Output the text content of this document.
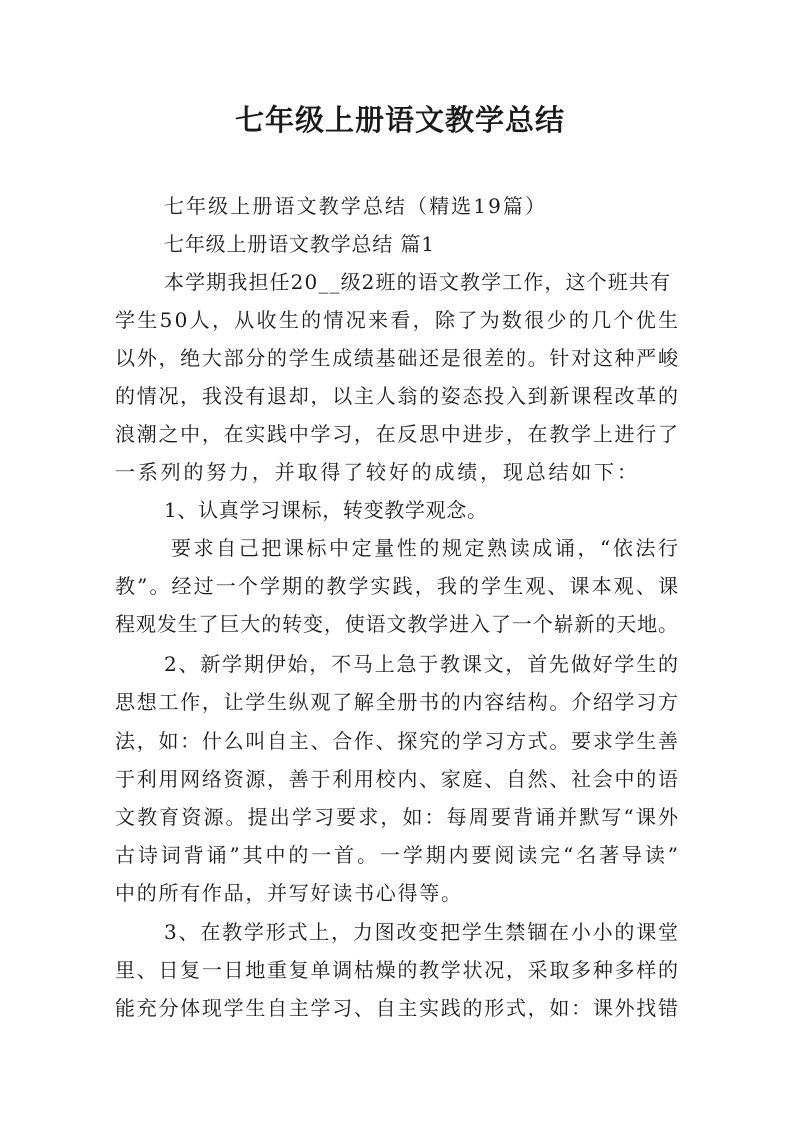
七年级上册语文教学总结
七年级上册语文教学总结（精选19篇）
七年级上册语文教学总结 篇1
本学期我担任20__级2班的语文教学工作，这个班共有
学生50人，从收生的情况来看，除了为数很少的几个优生
以外，绝大部分的学生成绩基础还是很差的。针对这种严峻
的情况，我没有退却，以主人翁的姿态投入到新课程改革的
浪潮之中，在实践中学习，在反思中进步，在教学上进行了
一系列的努力，并取得了较好的成绩，现总结如下：
1、认真学习课标，转变教学观念。
要求自己把课标中定量性的规定熟读成诵，“依法行
教”。经过一个学期的教学实践，我的学生观、课本观、课
程观发生了巨大的转变，使语文教学进入了一个崭新的天地。
2、新学期伊始，不马上急于教课文，首先做好学生的
思想工作，让学生纵观了解全册书的内容结构。介绍学习方
法，如：什么叫自主、合作、探究的学习方式。要求学生善
于利用网络资源，善于利用校内、家庭、自然、社会中的语
文教育资源。提出学习要求，如：每周要背诵并默写“课外
古诗词背诵”其中的一首。一学期内要阅读完“名著导读”
中的所有作品，并写好读书心得等。
3、在教学形式上，力图改变把学生禁锢在小小的课堂
里、日复一日地重复单调枯燥的教学状况，采取多种多样的
能充分体现学生自主学习、自主实践的形式，如：课外找错
